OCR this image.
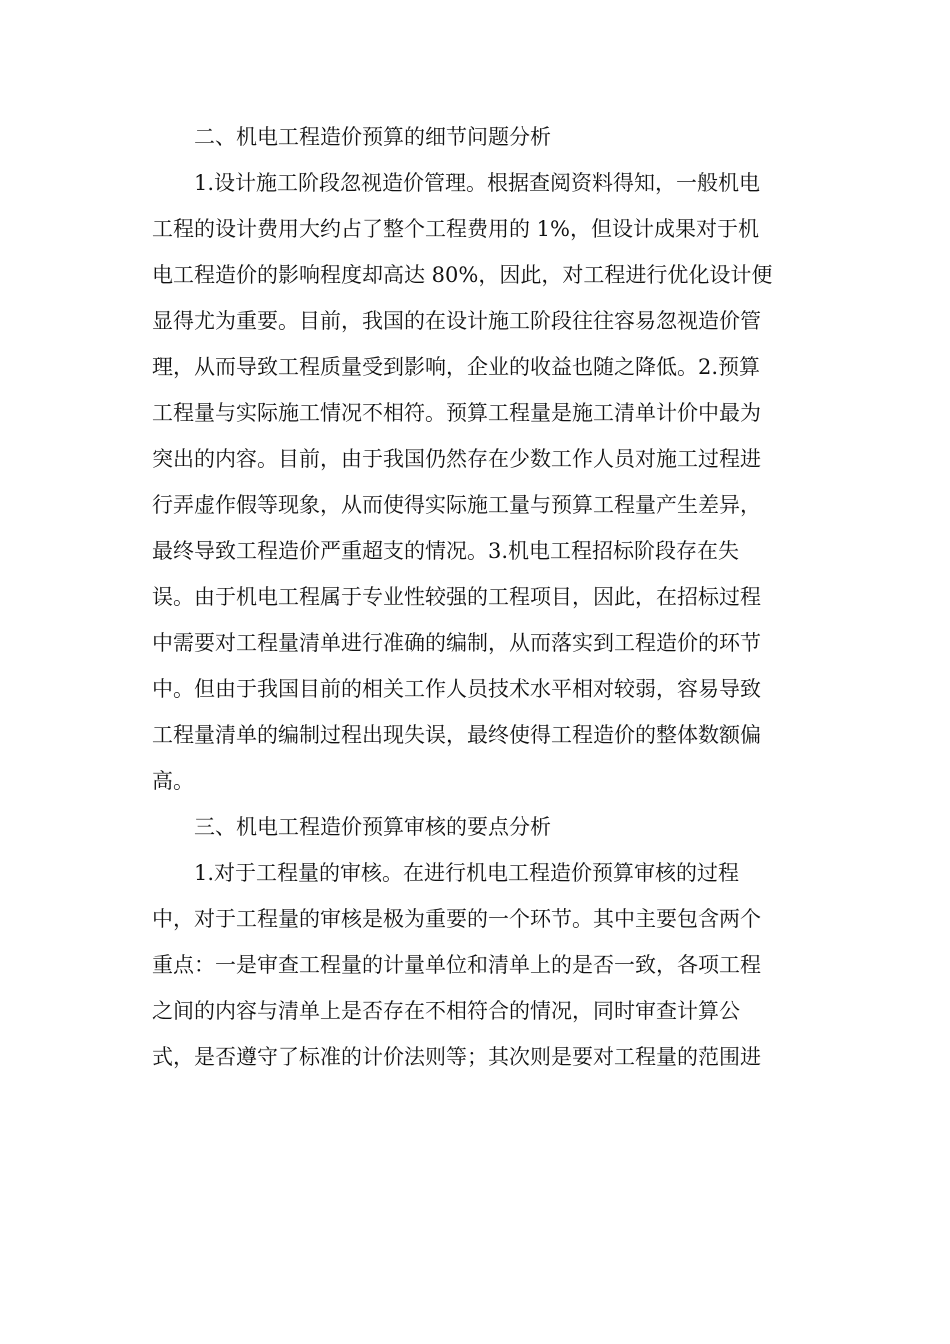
二、机电工程造价预算的细节问题分析

1.设计施工阶段忽视造价管理。根据查阅资料得知，一般机电
工程的设计费用大约占了整个工程费用的 1%，但设计成果对于机
电工程造价的影响程度却高达 80%，因此，对工程进行优化设计便
显得尤为重要。目前，我国的在设计施工阶段往往容易忽视造价管
理，从而导致工程质量受到影响，企业的收益也随之降低。2.预算
工程量与实际施工情况不相符。预算工程量是施工清单计价中最为
突出的内容。目前，由于我国仍然存在少数工作人员对施工过程进
行弄虚作假等现象，从而使得实际施工量与预算工程量产生差异，
最终导致工程造价严重超支的情况。3.机电工程招标阶段存在失
误。由于机电工程属于专业性较强的工程项目，因此，在招标过程
中需要对工程量清单进行准确的编制，从而落实到工程造价的环节
中。但由于我国目前的相关工作人员技术水平相对较弱，容易导致
工程量清单的编制过程出现失误，最终使得工程造价的整体数额偏
高。

三、机电工程造价预算审核的要点分析

1.对于工程量的审核。在进行机电工程造价预算审核的过程
中，对于工程量的审核是极为重要的一个环节。其中主要包含两个
重点：一是审查工程量的计量单位和清单上的是否一致，各项工程
之间的内容与清单上是否存在不相符合的情况，同时审查计算公
式，是否遵守了标准的计价法则等；其次则是要对工程量的范围进
